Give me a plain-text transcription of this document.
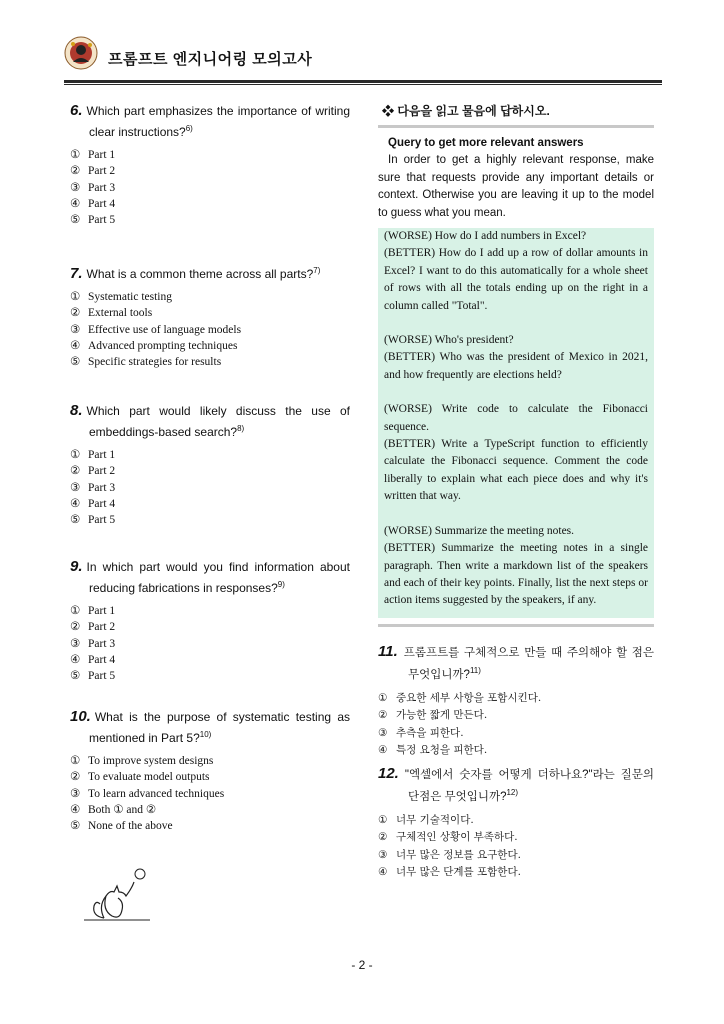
프롬프트 엔지니어링 모의고사
6. Which part emphasizes the importance of writing clear instructions?$^{6)}$
① Part 1
② Part 2
③ Part 3
④ Part 4
⑤ Part 5
7. What is a common theme across all parts?$^{7)}$
① Systematic testing
② External tools
③ Effective use of language models
④ Advanced prompting techniques
⑤ Specific strategies for results
8. Which part would likely discuss the use of embeddings-based search?$^{8)}$
① Part 1
② Part 2
③ Part 3
④ Part 4
⑤ Part 5
9. In which part would you find information about reducing fabrications in responses?$^{9)}$
① Part 1
② Part 2
③ Part 3
④ Part 4
⑤ Part 5
10. What is the purpose of systematic testing as mentioned in Part 5?$^{10)}$
① To improve system designs
② To evaluate model outputs
③ To learn advanced techniques
④ Both ① and ②
⑤ None of the above
❖ 다음을 읽고 물음에 답하시오.
Query to get more relevant answers
In order to get a highly relevant response, make sure that requests provide any important details or context. Otherwise you are leaving it up to the model to guess what you mean.

(WORSE) How do I add numbers in Excel?

(BETTER) How do I add up a row of dollar amounts in Excel? I want to do this automatically for a whole sheet of rows with all the totals ending up on the right in a column called "Total".

(WORSE) Who's president?

(BETTER) Who was the president of Mexico in 2021, and how frequently are elections held?

(WORSE) Write code to calculate the Fibonacci sequence.

(BETTER) Write a TypeScript function to efficiently calculate the Fibonacci sequence. Comment the code liberally to explain what each piece does and why it's written that way.

(WORSE) Summarize the meeting notes.

(BETTER) Summarize the meeting notes in a single paragraph. Then write a markdown list of the speakers and each of their key points. Finally, list the next steps or action items suggested by the speakers, if any.

11. 프롬프트를 구체적으로 만들 때 주의해야 할 점은 무엇입니까?$^{11)}$
① 중요한 세부 사항을 포함시킨다.
② 가능한 짧게 만든다.
③ 추측을 피한다.
④ 특정 요청을 피한다.
12. "엑셀에서 숫자를 어떻게 더하나요?"라는 질문의 단점은 무엇입니까?$^{12)}$
① 너무 기술적이다.
② 구체적인 상황이 부족하다.
③ 너무 많은 정보를 요구한다.
④ 너무 많은 단계를 포함한다.
- 2 -
